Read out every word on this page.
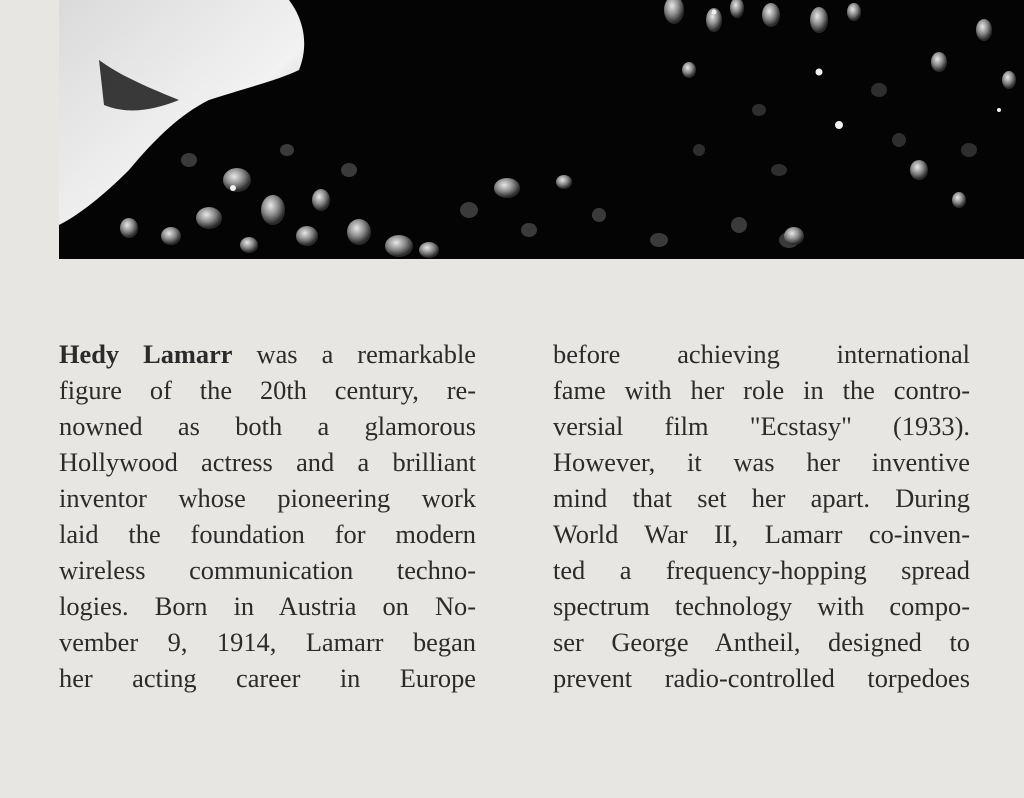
Hedy Lamarr was a remarkable
figure of the 20th century, re-
nowned as both a glamorous
Hollywood actress and a brilliant
inventor whose pioneering work
laid the foundation for modern
wireless communication techno-
logies. Born in Austria on No-
vember 9, 1914, Lamarr began
her acting career in Europe
before achieving international
fame with her role in the contro-
versial film "Ecstasy" (1933).
However, it was her inventive
mind that set her apart. During
World War II, Lamarr co-inven-
ted a frequency-hopping spread
spectrum technology with compo-
ser George Antheil, designed to
prevent radio-controlled torpedoes
